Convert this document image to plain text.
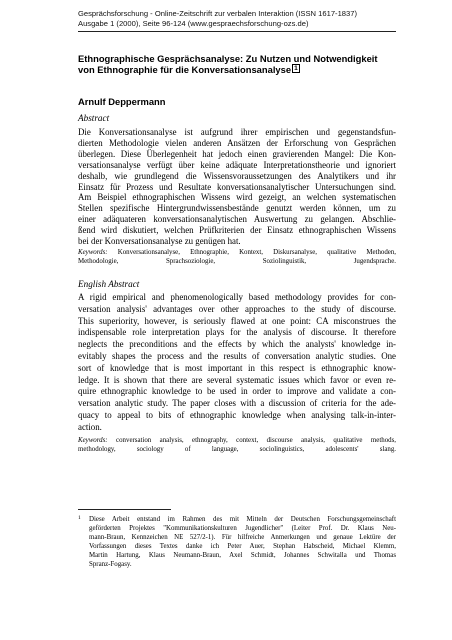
Gesprächsforschung - Online-Zeitschrift zur verbalen Interaktion (ISSN 1617-1837)
Ausgabe 1 (2000), Seite 96-124 (www.gespraechsforschung-ozs.de)
Ethnographische Gesprächsanalyse: Zu Nutzen und Notwendigkeit
von Ethnographie für die Konversationsanalyse 1
Arnulf Deppermann
Abstract
Die Konversationsanalyse ist aufgrund ihrer empirischen und gegenstandsfun-
dierten Methodologie vielen anderen Ansätzen der Erforschung von Gesprächen
überlegen. Diese Überlegenheit hat jedoch einen gravierenden Mangel: Die Kon-
versationsanalyse verfügt über keine adäquate Interpretationstheorie und ignoriert
deshalb, wie grundlegend die Wissensvoraussetzungen des Analytikers und ihr
Einsatz für Prozess und Resultate konversationsanalytischer Untersuchungen sind.
Am Beispiel ethnographischen Wissens wird gezeigt, an welchen systematischen
Stellen spezifische Hintergrundwissensbestände genutzt werden können, um zu
einer adäquateren konversationsanalytischen Auswertung zu gelangen. Abschlie-
ßend wird diskutiert, welchen Prüfkriterien der Einsatz ethnographischen Wissens
bei der Konversationsanalyse zu genügen hat.
Keywords: Konversationsanalyse, Ethnographie, Kontext, Diskursanalyse, qualitative Methoden,
Methodologie, Sprachsoziologie, Soziolinguistik, Jugendsprache.
English Abstract
A rigid empirical and phenomenologically based methodology provides for con-
versation analysis' advantages over other approaches to the study of discourse.
This superiority, however, is seriously flawed at one point: CA misconstrues the
indispensable role interpretation plays for the analysis of discourse. It therefore
neglects the preconditions and the effects by which the analysts' knowledge in-
evitably shapes the process and the results of conversation analytic studies. One
sort of knowledge that is most important in this respect is ethnographic know-
ledge. It is shown that there are several systematic issues which favor or even re-
quire ethnographic knowledge to be used in order to improve and validate a con-
versation analytic study. The paper closes with a discussion of criteria for the ade-
quacy to appeal to bits of ethnographic knowledge when analysing talk-in-inter-
action.
Keywords: conversation analysis, ethnography, context, discourse analysis, qualitative methods,
methodology, sociology of language, sociolinguistics, adolescents' slang.
1 Diese Arbeit entstand im Rahmen des mit Mitteln der Deutschen Forschungsgemeinschaft
geförderten Projektes "Kommunikationskulturen Jugendlicher" (Leiter Prof. Dr. Klaus Neu-
mann-Braun, Kennzeichen NE 527/2-1). Für hilfreiche Anmerkungen und genaue Lektüre der
Vorfassungen dieses Textes danke ich Peter Auer, Stephan Habscheid, Michael Klemm,
Martin Hartung, Klaus Neumann-Braun, Axel Schmidt, Johannes Schwitalla und Thomas
Spranz-Fogasy.
